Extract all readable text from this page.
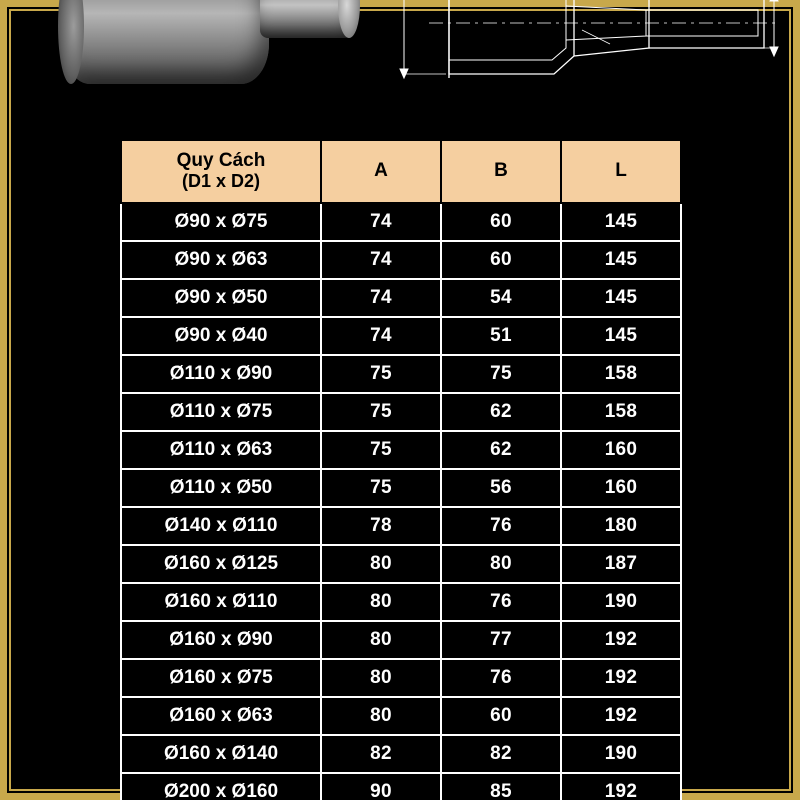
Quy Cách
(D1 x D2)	A	B	L
Ø90 x Ø75	74	60	145
Ø90 x Ø63	74	60	145
Ø90 x Ø50	74	54	145
Ø90 x Ø40	74	51	145
Ø110 x Ø90	75	75	158
Ø110 x Ø75	75	62	158
Ø110 x Ø63	75	62	160
Ø110 x Ø50	75	56	160
Ø140 x Ø110	78	76	180
Ø160 x Ø125	80	80	187
Ø160 x Ø110	80	76	190
Ø160 x Ø90	80	77	192
Ø160 x Ø75	80	76	192
Ø160 x Ø63	80	60	192
Ø160 x Ø140	82	82	190
Ø200 x Ø160	90	85	192
